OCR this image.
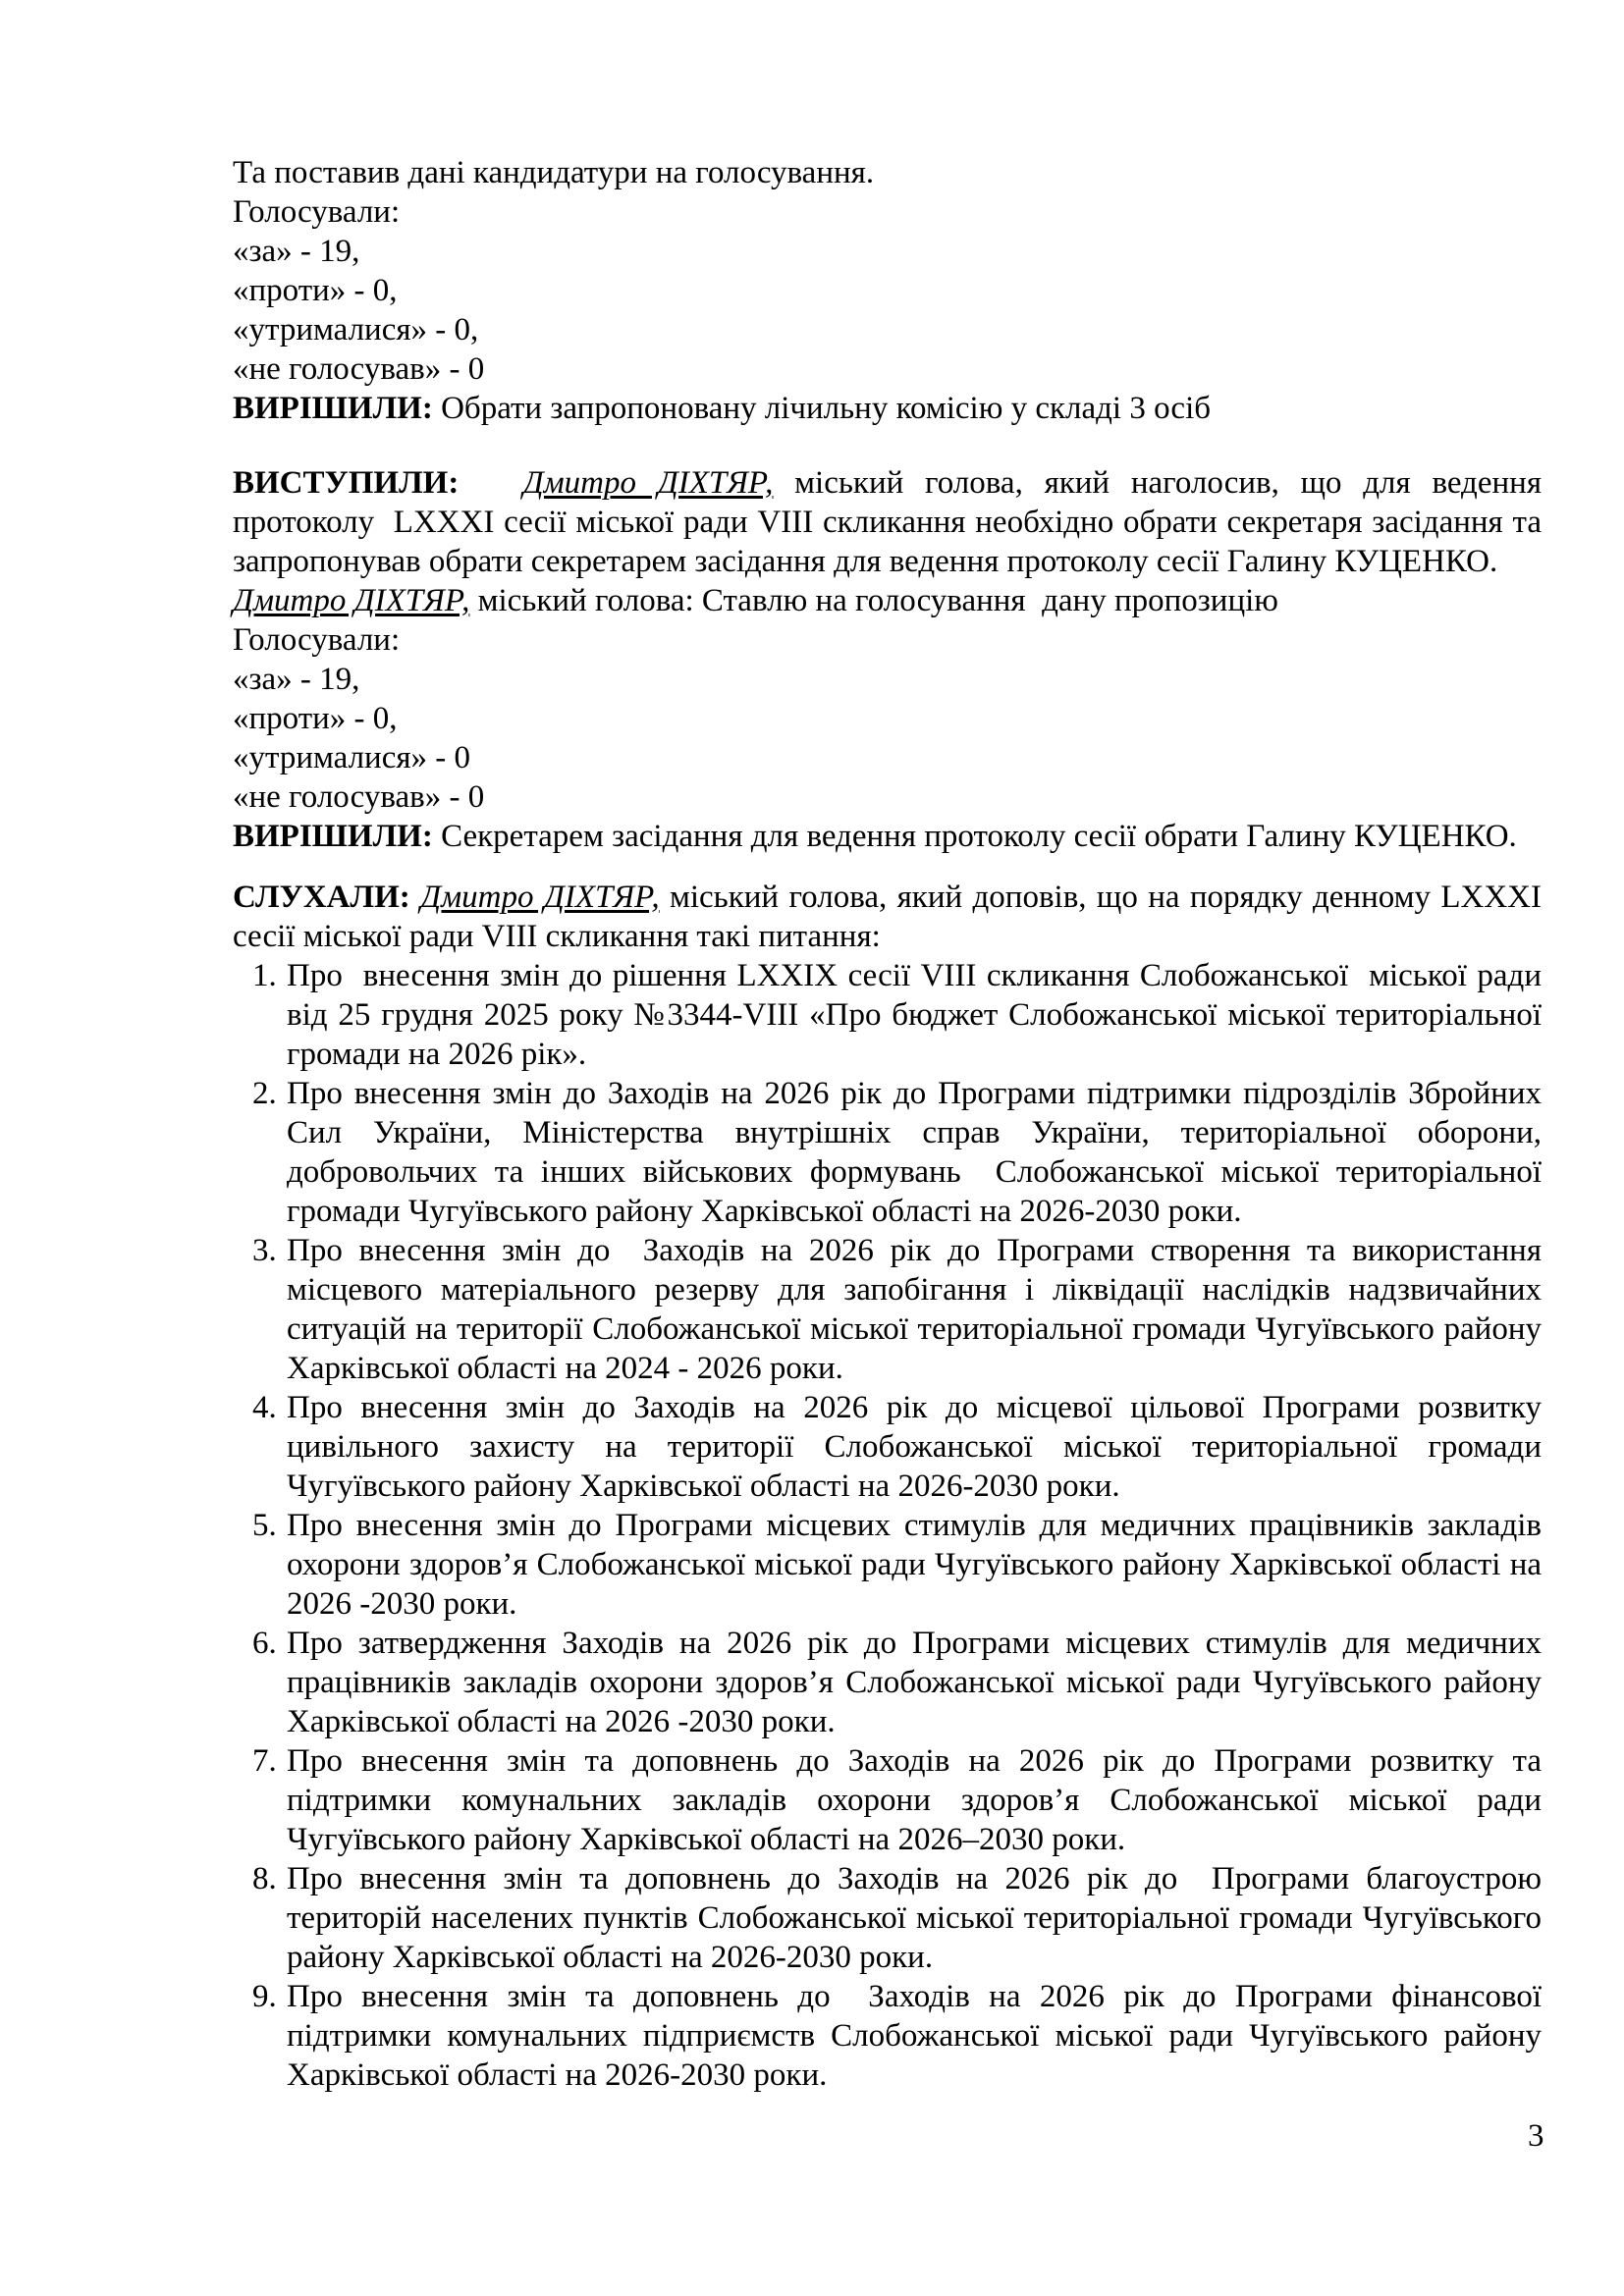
Та поставив дані кандидатури на голосування.

Голосували:

«за» - 19,

«проти» - 0,

«утрималися» - 0,

«не голосував» - 0

ВИРІШИЛИ: Обрати запропоновану лічильну комісію у складі 3 осіб

ВИСТУПИЛИ: Дмитро ДІХТЯР, міський голова, який наголосив, що для ведення протоколу  LXXXI сесії міської ради VIII скликання необхідно обрати секретаря засідання та запропонував обрати секретарем засідання для ведення протоколу сесії Галину КУЦЕНКО.

Дмитро ДІХТЯР, міський голова: Ставлю на голосування  дану пропозицію

Голосували:

«за» - 19,

«проти» - 0,

«утрималися» - 0

«не голосував» - 0

ВИРІШИЛИ: Секретарем засідання для ведення протоколу сесії обрати Галину КУЦЕНКО.

СЛУХАЛИ: Дмитро ДІХТЯР, міський голова, який доповів, що на порядку денному LXXXI сесії міської ради VIII скликання такі питання:

1. Про  внесення змін до рішення LXXIX сесії VIII скликання Слобожанської  міської ради від 25 грудня 2025 року №3344-VIII «Про бюджет Слобожанської міської територіальної громади на 2026 рік».

2. Про внесення змін до Заходів на 2026 рік до Програми підтримки підрозділів Збройних Сил України, Міністерства внутрішніх справ України, територіальної оборони, добровольчих та інших військових формувань  Слобожанської міської територіальної громади Чугуївського району Харківської області на 2026-2030 роки.

3. Про внесення змін до  Заходів на 2026 рік до Програми створення та використання місцевого матеріального резерву для запобігання і ліквідації наслідків надзвичайних ситуацій на території Слобожанської міської територіальної громади Чугуївського району Харківської області на 2024 - 2026 роки.

4. Про внесення змін до Заходів на 2026 рік до місцевої цільової Програми розвитку цивільного захисту на території Слобожанської міської територіальної громади Чугуївського району Харківської області на 2026-2030 роки.

5. Про внесення змін до Програми місцевих стимулів для медичних працівників закладів охорони здоров’я Слобожанської міської ради Чугуївського району Харківської області на 2026 -2030 роки.

6. Про затвердження Заходів на 2026 рік до Програми місцевих стимулів для медичних працівників закладів охорони здоров’я Слобожанської міської ради Чугуївського району Харківської області на 2026 -2030 роки.

7. Про внесення змін та доповнень до Заходів на 2026 рік до Програми розвитку та підтримки комунальних закладів охорони здоров’я Слобожанської міської ради Чугуївського району Харківської області на 2026–2030 роки.

8. Про внесення змін та доповнень до Заходів на 2026 рік до  Програми благоустрою територій населених пунктів Слобожанської міської територіальної громади Чугуївського району Харківської області на 2026-2030 роки.

9. Про внесення змін та доповнень до  Заходів на 2026 рік до Програми фінансової підтримки комунальних підприємств Слобожанської міської ради Чугуївського району Харківської області на 2026-2030 роки.

3
